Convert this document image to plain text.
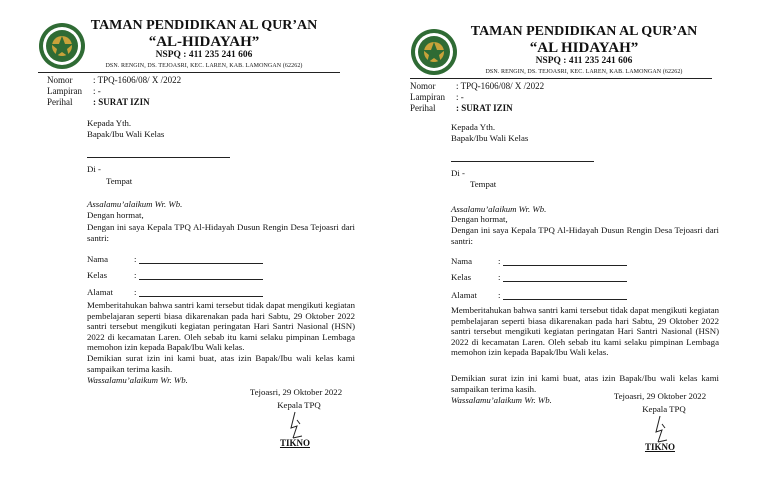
TAMAN PENDIDIKAN AL QUR’AN
“AL-HIDAYAH”
NSPQ : 411 235 241 606
DSN. RENGIN, DS. TEJOASRI, KEC. LAREN, KAB. LAMONGAN (62262)
Nomor : TPQ-1606/08/ X /2022
Lampiran : -
Perihal : SURAT IZIN
Kepada Yth.
Bapak/Ibu Wali Kelas
Di -
Tempat
Assalamu’alaikum Wr. Wb.
Dengan hormat,
Dengan ini saya Kepala TPQ Al-Hidayah Dusun Rengin Desa Tejoasri dari santri:
Nama	:
Kelas	:
Alamat :
Memberitahukan bahwa santri kami tersebut tidak dapat mengikuti kegiatan pembelajaran seperti biasa dikarenakan pada hari Sabtu, 29 Oktober 2022 santri tersebut mengikuti kegiatan peringatan Hari Santri Nasional (HSN) 2022 di kecamatan Laren. Oleh sebab itu kami selaku pimpinan Lembaga memohon izin kepada Bapak/Ibu Wali kelas.
Demikian surat izin ini kami buat, atas izin Bapak/Ibu wali kelas kami sampaikan terima kasih.
Wassalamu’alaikum Wr. Wb.
Tejoasri, 29 Oktober 2022
Kepala TPQ
TIKNO
TAMAN PENDIDIKAN AL QUR’AN
“AL HIDAYAH”
NSPQ : 411 235 241 606
DSN. RENGIN, DS. TEJOASRI, KEC. LAREN, KAB. LAMONGAN (62262)
Nomor : TPQ-1606/08/ X /2022
Lampiran : -
Perihal : SURAT IZIN
Kepada Yth.
Bapak/Ibu Wali Kelas
Di -
Tempat
Assalamu’alaikum Wr. Wb.
Dengan hormat,
Dengan ini saya Kepala TPQ Al-Hidayah Dusun Rengin Desa Tejoasri dari santri:
Nama	:
Kelas	:
Alamat :
Memberitahukan bahwa santri kami tersebut tidak dapat mengikuti kegiatan pembelajaran seperti biasa dikarenakan pada hari Sabtu, 29 Oktober 2022 santri tersebut mengikuti kegiatan peringatan Hari Santri Nasional (HSN) 2022 di kecamatan Laren. Oleh sebab itu kami selaku pimpinan Lembaga memohon izin kepada Bapak/Ibu Wali kelas.
Demikian surat izin ini kami buat, atas izin Bapak/Ibu wali kelas kami sampaikan terima kasih.
Wassalamu’alaikum Wr. Wb.	Tejoasri, 29 Oktober 2022
Kepala TPQ
TIKNO
